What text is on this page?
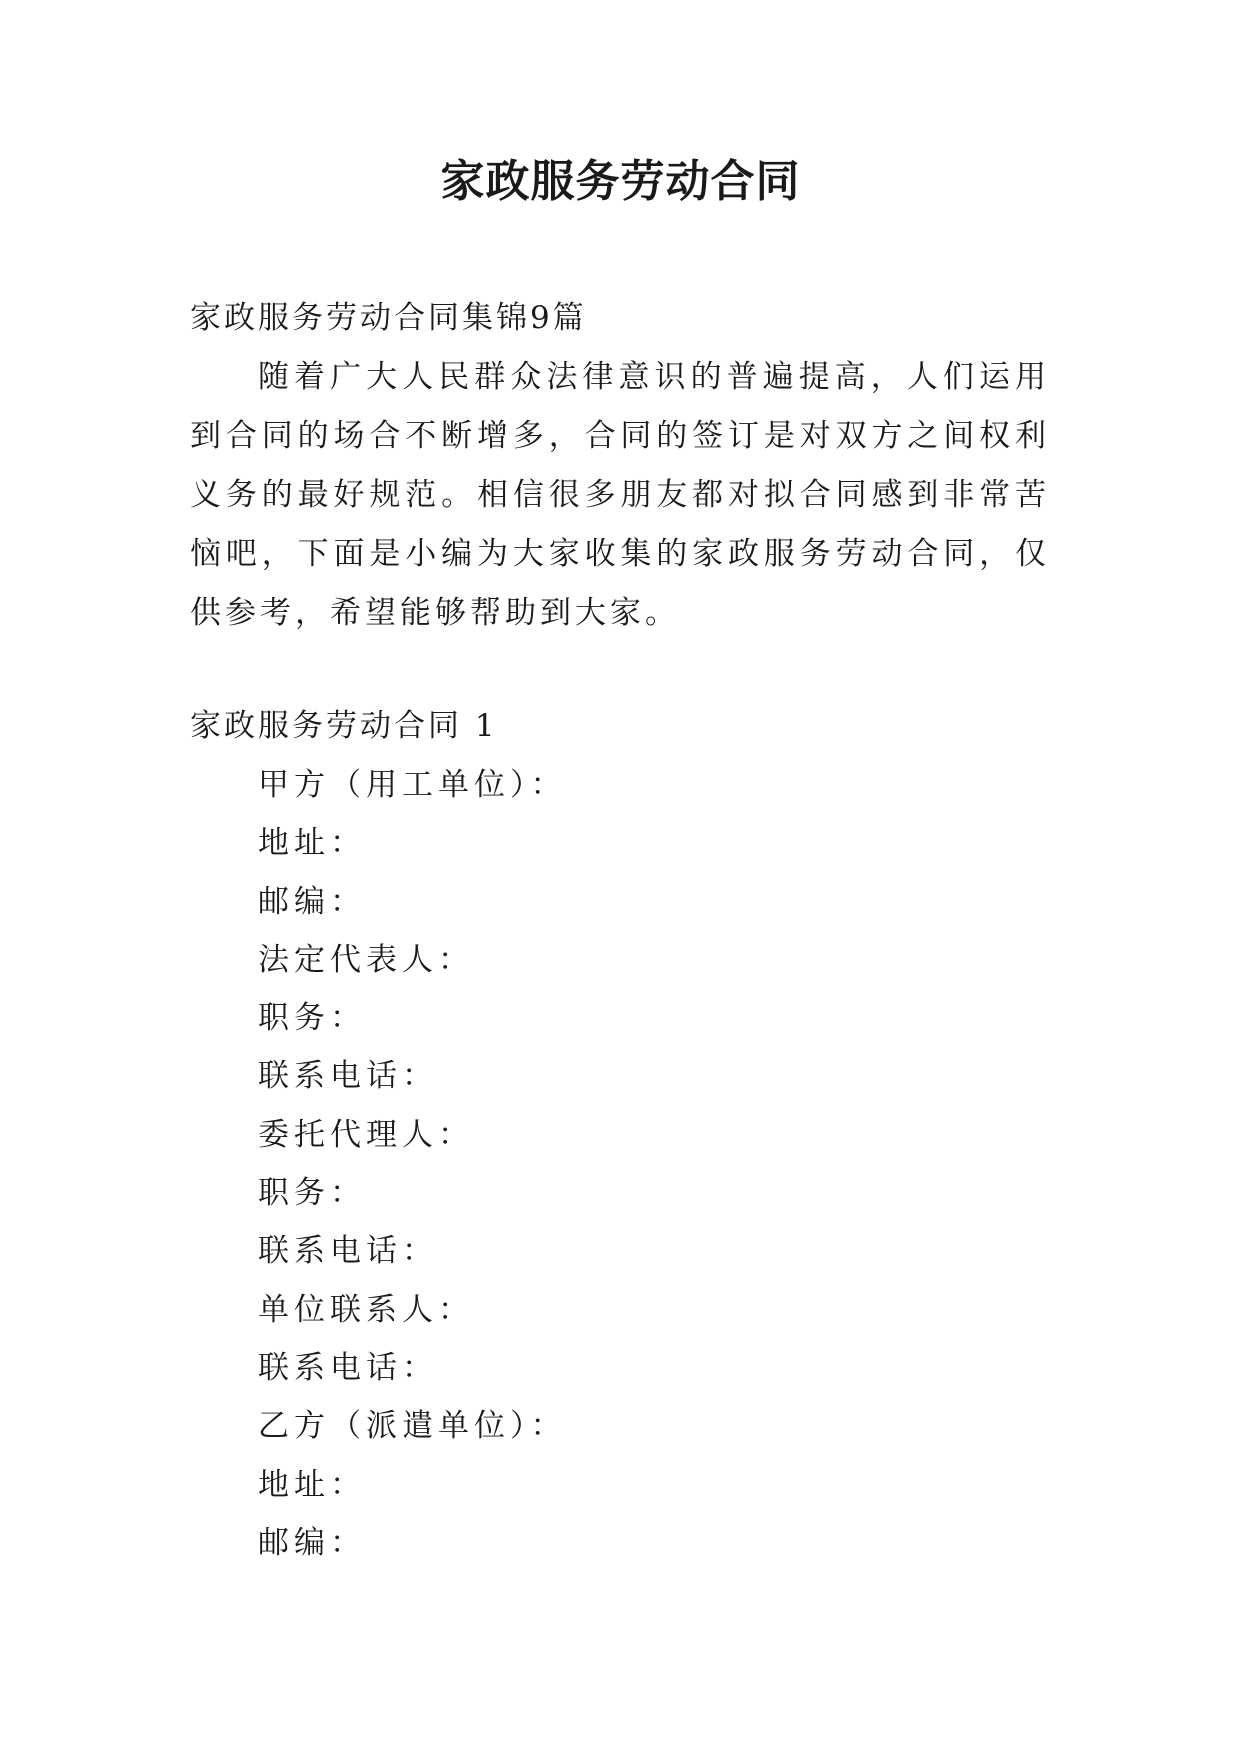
家政服务劳动合同
家政服务劳动合同集锦9篇

随着广大人民群众法律意识的普遍提高，人们运用到合同的场合不断增多，合同的签订是对双方之间权利义务的最好规范。相信很多朋友都对拟合同感到非常苦恼吧，下面是小编为大家收集的家政服务劳动合同，仅供参考，希望能够帮助到大家。

家政服务劳动合同 1
甲方（用工单位）：
地址：
邮编：
法定代表人：
职务：
联系电话：
委托代理人：
职务：
联系电话：
单位联系人：
联系电话：
乙方（派遣单位）：
地址：
邮编：
